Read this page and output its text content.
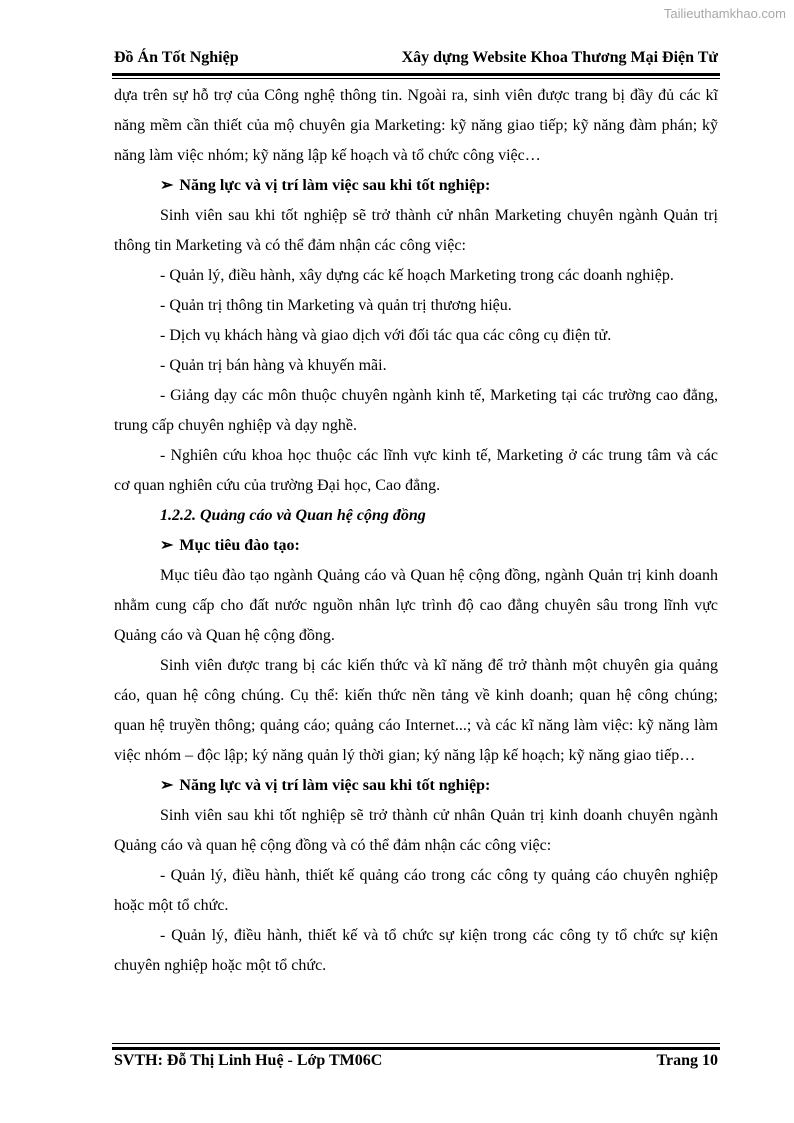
Tailieuthamkhao.com
Đồ Án Tốt Nghiệp	Xây dựng Website Khoa Thương Mại Điện Tử

dựa trên sự hỗ trợ của Công nghệ thông tin. Ngoài ra, sinh viên được trang bị đầy đủ các kĩ năng mềm cần thiết của mộ chuyên gia Marketing: kỹ năng giao tiếp; kỹ năng đàm phán; kỹ năng làm việc nhóm; kỹ năng lập kế hoạch và tổ chức công việc…

➢ Năng lực và vị trí làm việc sau khi tốt nghiệp:

Sinh viên sau khi tốt nghiệp sẽ trở thành cử nhân Marketing chuyên ngành Quản trị thông tin Marketing và có thể đảm nhận các công việc:

- Quản lý, điều hành, xây dựng các kế hoạch Marketing trong các doanh nghiệp.

- Quản trị thông tin Marketing và quản trị thương hiệu.

- Dịch vụ khách hàng và giao dịch với đối tác qua các công cụ điện tử.

- Quản trị bán hàng và khuyến mãi.

- Giảng dạy các môn thuộc chuyên ngành kinh tế, Marketing tại các trường cao đẳng, trung cấp chuyên nghiệp và dạy nghề.

- Nghiên cứu khoa học thuộc các lĩnh vực kinh tế, Marketing ở các trung tâm và các cơ quan nghiên cứu của trường Đại học, Cao đẳng.

1.2.2. Quảng cáo và Quan hệ cộng đồng

➢ Mục tiêu đào tạo:

Mục tiêu đào tạo ngành Quảng cáo và Quan hệ cộng đồng, ngành Quản trị kinh doanh nhằm cung cấp cho đất nước nguồn nhân lực trình độ cao đẳng chuyên sâu trong lĩnh vực Quảng cáo và Quan hệ cộng đồng.

Sinh viên được trang bị các kiến thức và kĩ năng để trở thành một chuyên gia quảng cáo, quan hệ công chúng. Cụ thể: kiến thức nền tảng về kinh doanh; quan hệ công chúng; quan hệ truyền thông; quảng cáo; quảng cáo Internet...; và các kĩ năng làm việc: kỹ năng làm việc nhóm – độc lập; ký năng quản lý thời gian; ký năng lập kế hoạch; kỹ năng giao tiếp…

➢ Năng lực và vị trí làm việc sau khi tốt nghiệp:

Sinh viên sau khi tốt nghiệp sẽ trở thành cử nhân Quản trị kinh doanh chuyên ngành Quảng cáo và quan hệ cộng đồng và có thể đảm nhận các công việc:

- Quản lý, điều hành, thiết kế quảng cáo trong các công ty quảng cáo chuyên nghiệp hoặc một tổ chức.

- Quản lý, điều hành, thiết kế và tổ chức sự kiện trong các công ty tổ chức sự kiện chuyên nghiệp hoặc một tổ chức.

SVTH: Đỗ Thị Linh Huệ - Lớp TM06C	Trang 10
